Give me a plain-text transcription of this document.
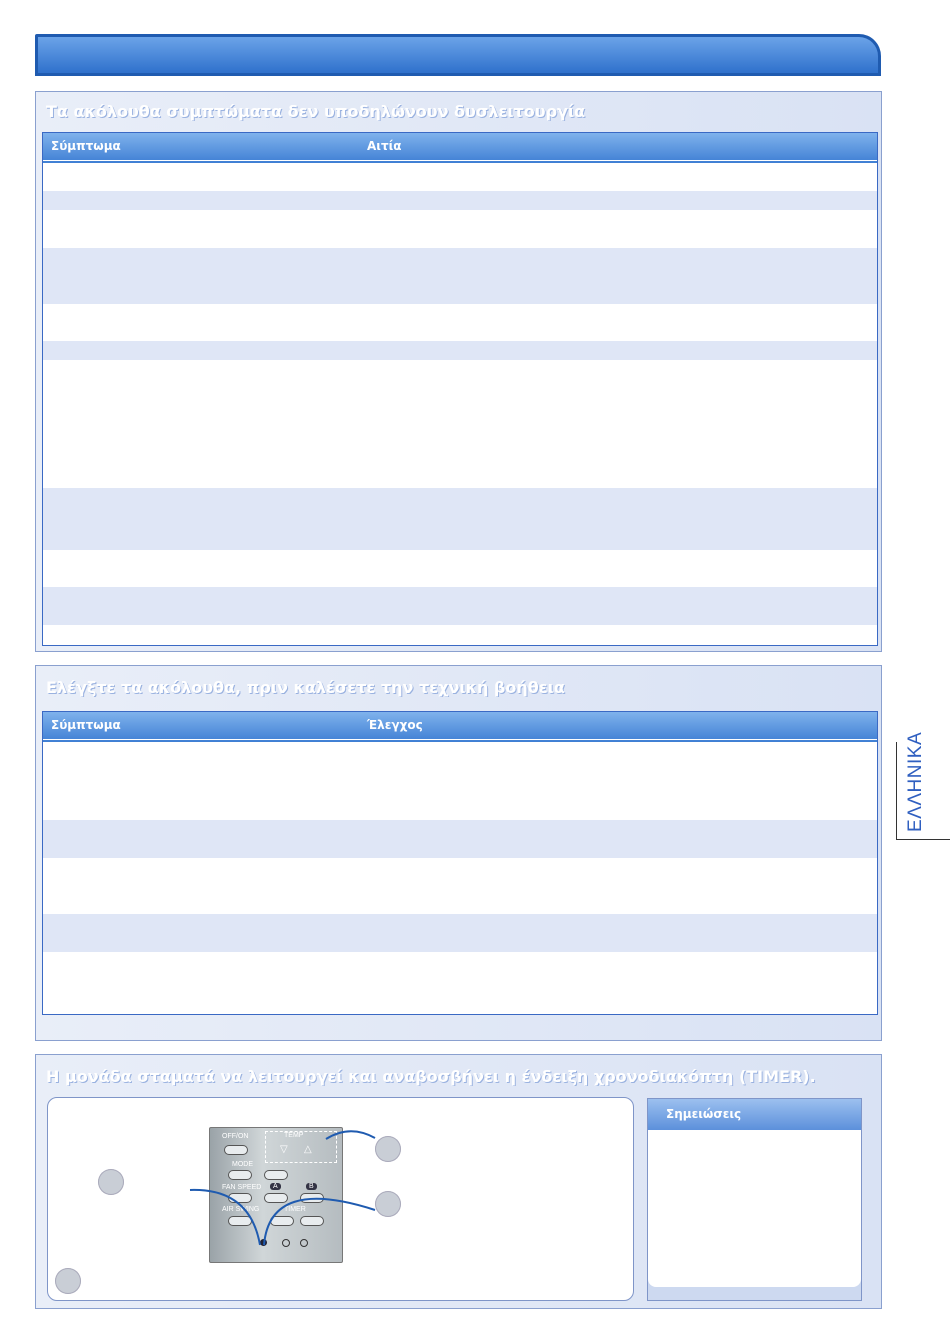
Τα ακόλουθα συμπτώματα δεν υποδηλώνουν δυσλειτουργία
Σύμπτωμα	Αιτία
Ελέγξτε τα ακόλουθα, πριν καλέσετε την τεχνική βοήθεια
Σύμπτωμα	Έλεγχος
ΕΛΛΗΝΙΚΑ
Η μονάδα σταματά να λειτουργεί και αναβοσβήνει η ένδειξη χρονοδιακόπτη (TIMER).
OFF/ON	TEMP
▽ △
MODE
FAN SPEED	A	B
AIR SWING	TIMER
Σημειώσεις
